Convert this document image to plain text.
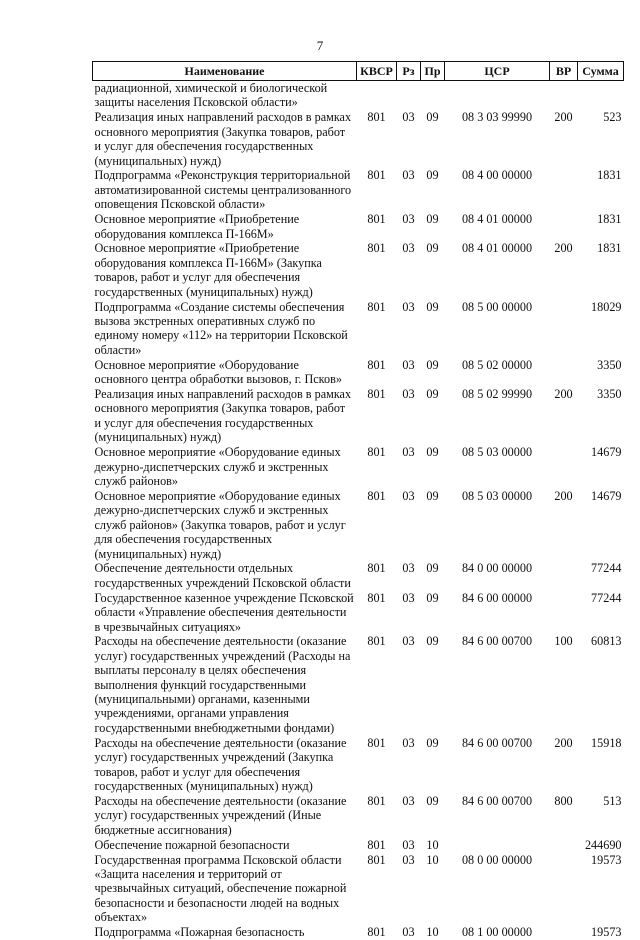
7
Наименование	КВСР	Рз	Пр	ЦСР	ВР	Сумма
радиационной, химической и биологической защиты населения Псковской области»						
Реализация иных направлений расходов в рамках основного мероприятия (Закупка товаров, работ и услуг для обеспечения государственных (муниципальных) нужд)	801	03	09	08 3 03 99990	200	523
Подпрограмма «Реконструкция территориальной автоматизированной системы централизованного оповещения Псковской области»	801	03	09	08 4 00 00000		1831
Основное мероприятие «Приобретение оборудования комплекса П-166М»	801	03	09	08 4 01 00000		1831
Основное мероприятие «Приобретение оборудования комплекса П-166М» (Закупка товаров, работ и услуг для обеспечения государственных (муниципальных) нужд)	801	03	09	08 4 01 00000	200	1831
Подпрограмма «Создание системы обеспечения вызова экстренных оперативных служб по единому номеру «112» на территории Псковской области»	801	03	09	08 5 00 00000		18029
Основное мероприятие «Оборудование основного центра обработки вызовов, г. Псков»	801	03	09	08 5 02 00000		3350
Реализация иных направлений расходов в рамках основного мероприятия (Закупка товаров, работ и услуг для обеспечения государственных (муниципальных) нужд)	801	03	09	08 5 02 99990	200	3350
Основное мероприятие «Оборудование единых дежурно-диспетчерских служб и экстренных служб районов»	801	03	09	08 5 03 00000		14679
Основное мероприятие «Оборудование единых дежурно-диспетчерских служб и экстренных служб районов» (Закупка товаров, работ и услуг для обеспечения государственных (муниципальных) нужд)	801	03	09	08 5 03 00000	200	14679
Обеспечение деятельности отдельных государственных учреждений Псковской области	801	03	09	84 0 00 00000		77244
Государственное казенное учреждение Псковской области «Управление обеспечения деятельности в чрезвычайных ситуациях»	801	03	09	84 6 00 00000		77244
Расходы на обеспечение деятельности (оказание услуг) государственных учреждений (Расходы на выплаты персоналу в целях обеспечения выполнения функций государственными (муниципальными) органами, казенными учреждениями, органами управления государственными внебюджетными фондами)	801	03	09	84 6 00 00700	100	60813
Расходы на обеспечение деятельности (оказание услуг) государственных учреждений (Закупка товаров, работ и услуг для обеспечения государственных (муниципальных) нужд)	801	03	09	84 6 00 00700	200	15918
Расходы на обеспечение деятельности (оказание услуг) государственных учреждений (Иные бюджетные ассигнования)	801	03	09	84 6 00 00700	800	513
Обеспечение пожарной безопасности	801	03	10			244690
Государственная программа Псковской области «Защита населения и территорий от чрезвычайных ситуаций, обеспечение пожарной безопасности и безопасности людей на водных объектах»	801	03	10	08 0 00 00000		19573
Подпрограмма «Пожарная безопасность	801	03	10	08 1 00 00000		19573
